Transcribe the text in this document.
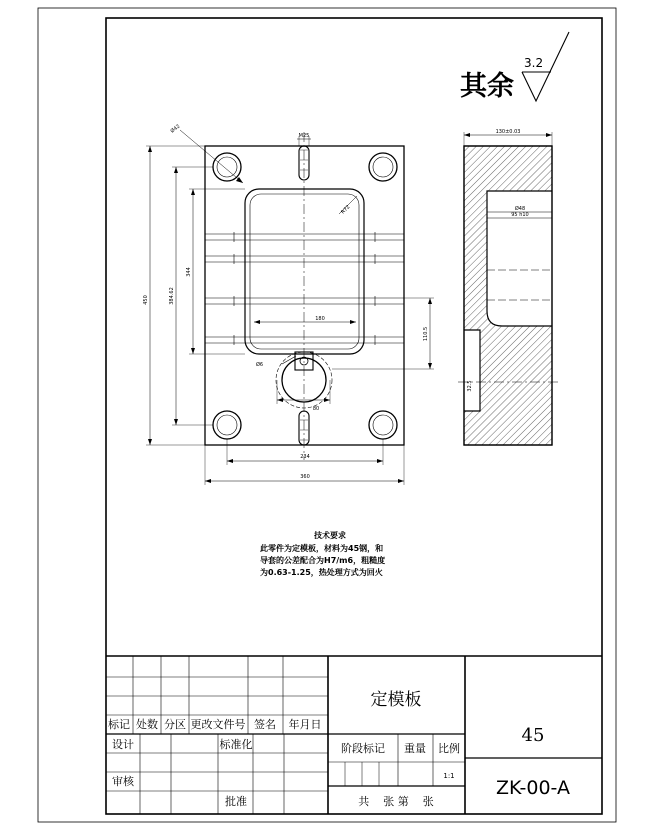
其余
3.2
450	384.62
344
110.5
180
80
234
360
M25
Ø42
R72
Ø6
130±0.03
Ø48
95 h10
32.5
技术要求
此零件为定模板，材料为45钢，和
导套的公差配合为H7/m6，粗糙度
为0.63-1.25，热处理方式为回火
标记 处数 分区 更改文件号 签名 年月日
设计	标准化
审核
批准
定模板
45
阶段标记 重量 比例
1:1
共    张 第    张
ZK-00-A
